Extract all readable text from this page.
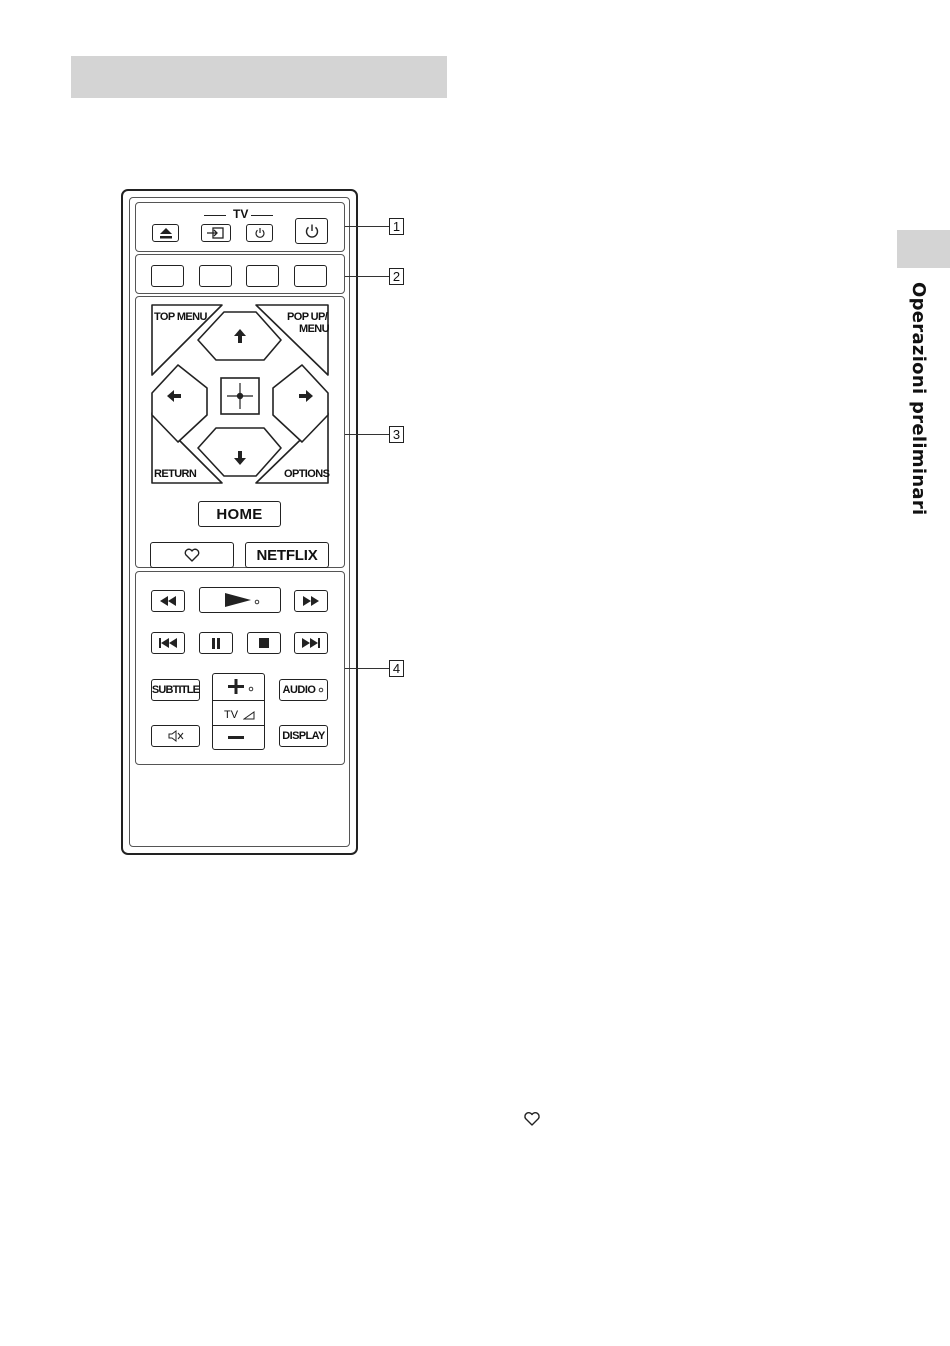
Operazioni preliminari
1
2
3
4
TV
TOP MENU	POP UP/
MENU
RETURN	OPTIONS
HOME
NETFLIX
SUBTITLE	AUDIO
TV
DISPLAY
